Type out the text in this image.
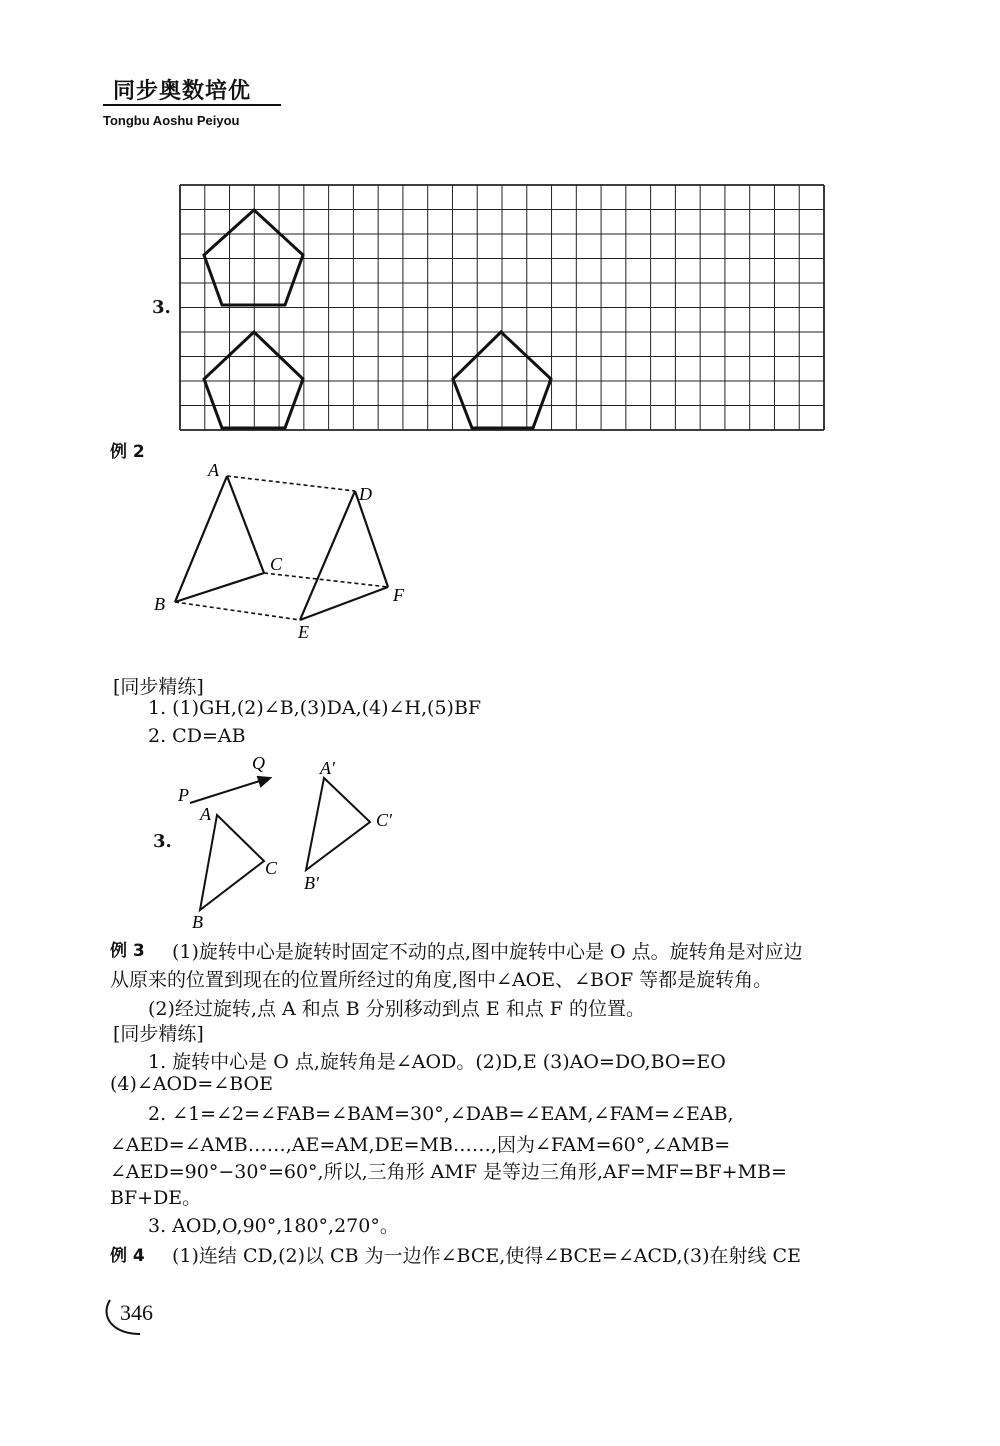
同步奥数培优
Tongbu Aoshu Peiyou
3.
A
D
C
B	F
E
Q
P
A
A′
C′
C
B′
B
例 2
[同步精练]
1. (1)GH,(2)∠B,(3)DA,(4)∠H,(5)BF
2. CD=AB
3.
例 3 (1)旋转中心是旋转时固定不动的点,图中旋转中心是 O 点。旋转角是对应边
从原来的位置到现在的位置所经过的角度,图中∠AOE、∠BOF 等都是旋转角。
(2)经过旋转,点 A 和点 B 分别移动到点 E 和点 F 的位置。
[同步精练]
1. 旋转中心是 O 点,旋转角是∠AOD。(2)D,E (3)AO=DO,BO=EO
(4)∠AOD=∠BOE
2. ∠1=∠2=∠FAB=∠BAM=30°,∠DAB=∠EAM,∠FAM=∠EAB,
∠AED=∠AMB……,AE=AM,DE=MB……,因为∠FAM=60°,∠AMB=
∠AED=90°−30°=60°,所以,三角形 AMF 是等边三角形,AF=MF=BF+MB=
BF+DE。
3. AOD,O,90°,180°,270°。
例 4 (1)连结 CD,(2)以 CB 为一边作∠BCE,使得∠BCE=∠ACD,(3)在射线 CE
346
